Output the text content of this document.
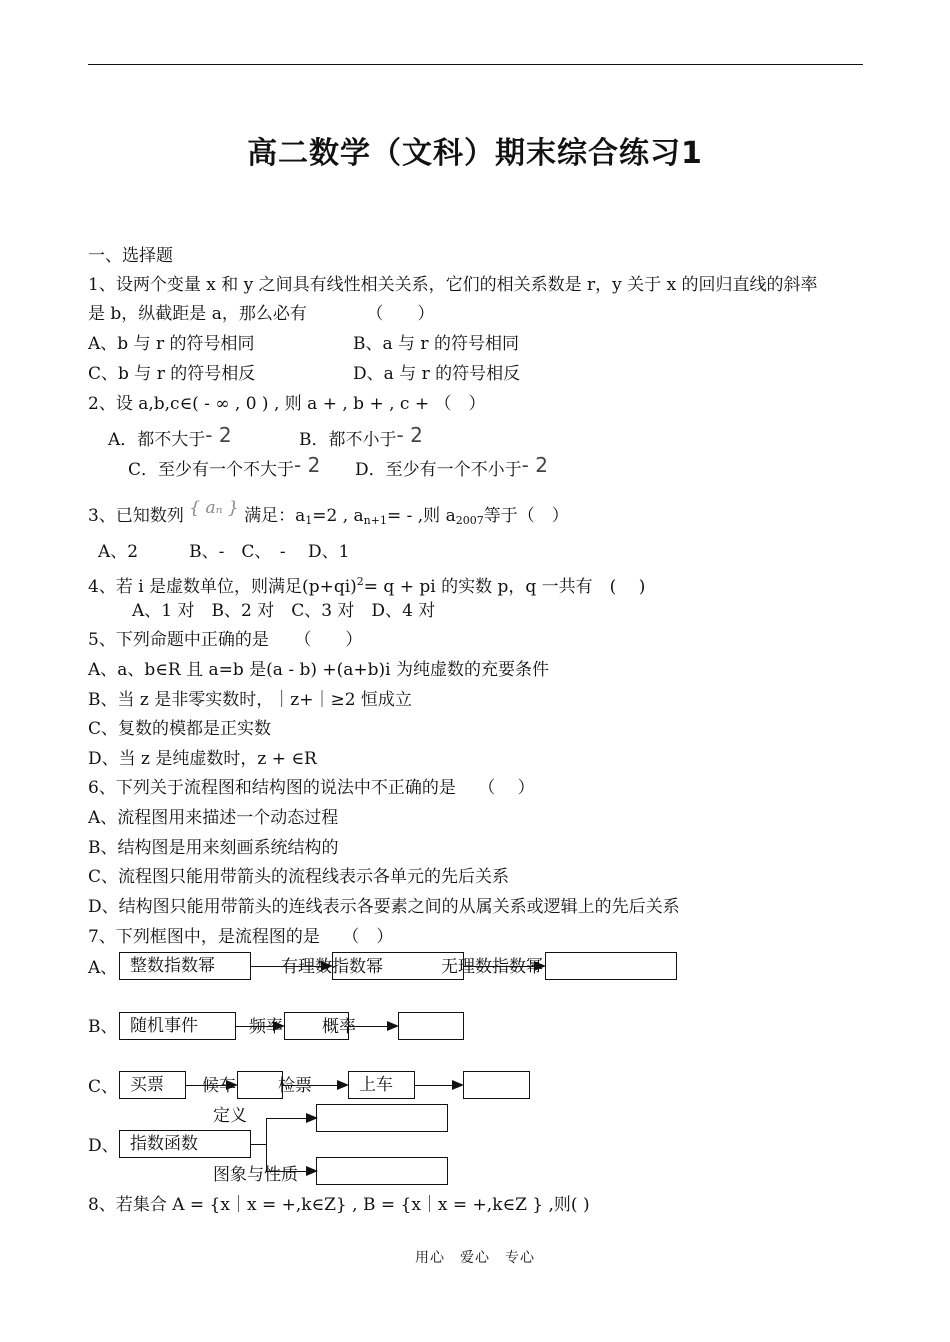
高二数学（文科）期末综合练习1
一、选择题
1、设两个变量 x 和 y 之间具有线性相关关系，它们的相关系数是 r，y 关于 x 的回归直线的斜率
是 b，纵截距是 a，那么必有　　　　（　　）
A、b 与 r 的符号相同	B、a 与 r 的符号相同
C、b 与 r 的符号相反	D、a 与 r 的符号相反
2、设 a,b,c∈( - ∞ , 0 ) , 则 a + , b + , c + （　）
A．都不大于- 2	B．都不小于- 2
C．至少有一个不大于- 2 D．至少有一个不小于- 2
3、已知数列 { aₙ } 满足：$a_1=2$ , $a_{n+1}=$ - ,则 $a_{2007}$等于（　）
A、2　　　B、-　C、　-　 D、1
4、若 i 是虚数单位，则满足$(p+qi)^2= q$ + pi 的实数 p，q 一共有　(　 )
A、1 对　B、2 对　C、3 对　D、4 对
5、下列命题中正确的是　　（　　）
A、a、b∈R 且 a=b 是(a - b) +(a+b)i 为纯虚数的充要条件
B、当 z 是非零实数时，｜z+｜≥2 恒成立
C、复数的模都是正实数
D、当 z 是纯虚数时，z + ∈R
6、下列关于流程图和结构图的说法中不正确的是　 （　 ）
A、流程图用来描述一个动态过程
B、结构图是用来刻画系统结构的
C、流程图只能用带箭头的流程线表示各单元的先后关系
D、结构图只能用带箭头的连线表示各要素之间的从属关系或逻辑上的先后关系
7、下列框图中，是流程图的是　 （　）
A、 整数指数幂	有理数指数幂	无理数指数幂
B、 随机事件	频率 概率
C、 买票	候车 检票	上车
定义
D、 指数函数
图象与性质
8、若集合 A = {x｜x = +,k∈Z} , B = {x｜x = +,k∈Z } ,则( )
用心　爱心　专心
